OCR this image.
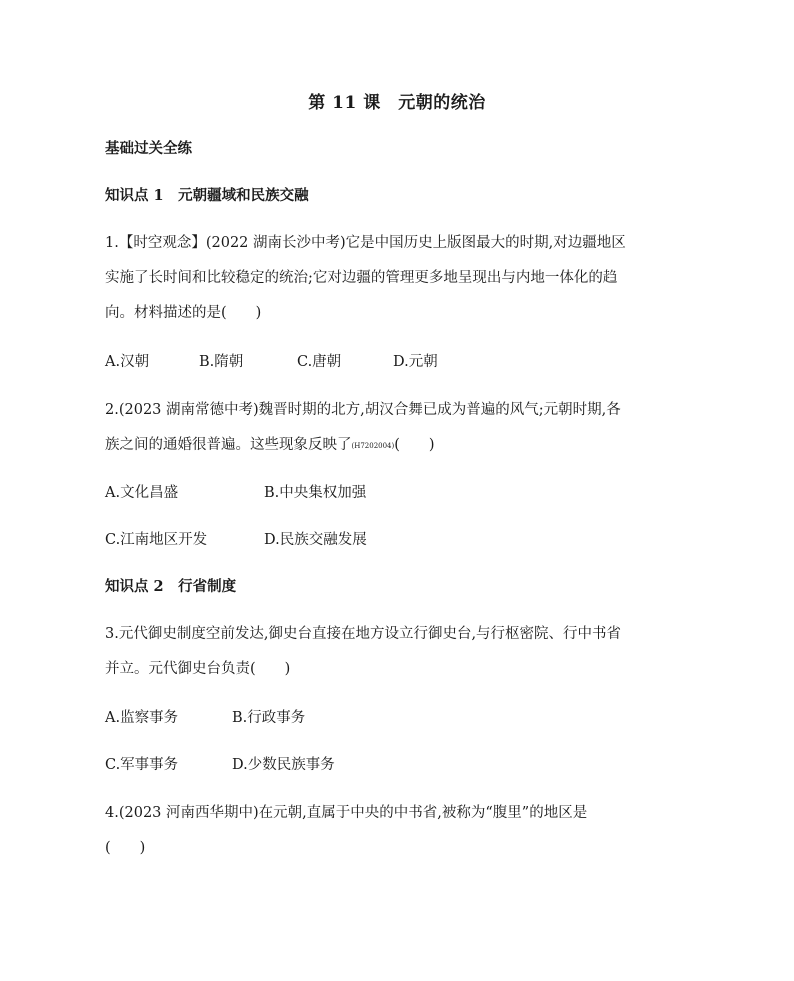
第 11 课　元朝的统治
基础过关全练
知识点 1　元朝疆域和民族交融
1.【时空观念】(2022 湖南长沙中考)它是中国历史上版图最大的时期,对边疆地区
实施了长时间和比较稳定的统治;它对边疆的管理更多地呈现出与内地一体化的趋
向。材料描述的是(　　)
A.汉朝	B.隋朝	C.唐朝	D.元朝
2.(2023 湖南常德中考)魏晋时期的北方,胡汉合舞已成为普遍的风气;元朝时期,各
族之间的通婚很普遍。这些现象反映了(H7202004)(　　)
A.文化昌盛	B.中央集权加强
C.江南地区开发	D.民族交融发展
知识点 2　行省制度
3.元代御史制度空前发达,御史台直接在地方设立行御史台,与行枢密院、行中书省
并立。元代御史台负责(　　)
A.监察事务	B.行政事务
C.军事事务	D.少数民族事务
4.(2023 河南西华期中)在元朝,直属于中央的中书省,被称为“腹里”的地区是
(　　)
